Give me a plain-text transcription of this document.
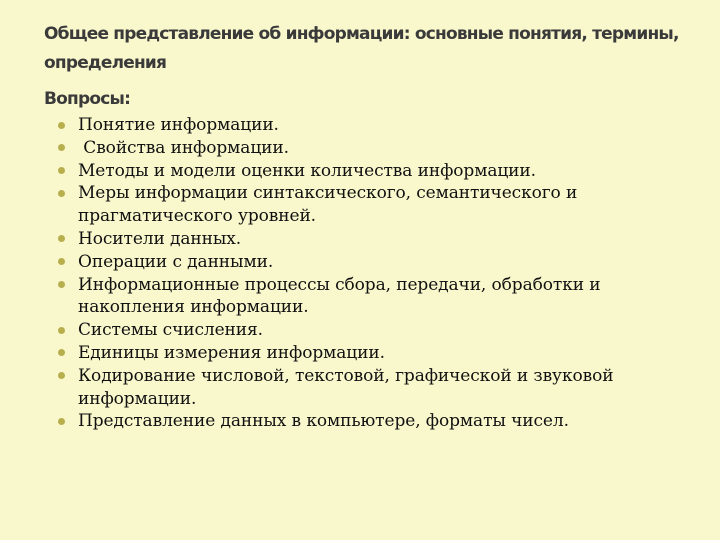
Общее представление об информации: основные понятия, термины, определения
Вопросы:
Понятие информации.
Свойства информации.
Методы и модели оценки количества информации.
Меры информации синтаксического, семантического и прагматического уровней.
Носители данных.
Операции с данными.
Информационные процессы сбора, передачи, обработки и накопления информации.
Системы счисления.
Единицы измерения информации.
Кодирование числовой, текстовой, графической и звуковой информации.
Представление данных в компьютере, форматы чисел.
